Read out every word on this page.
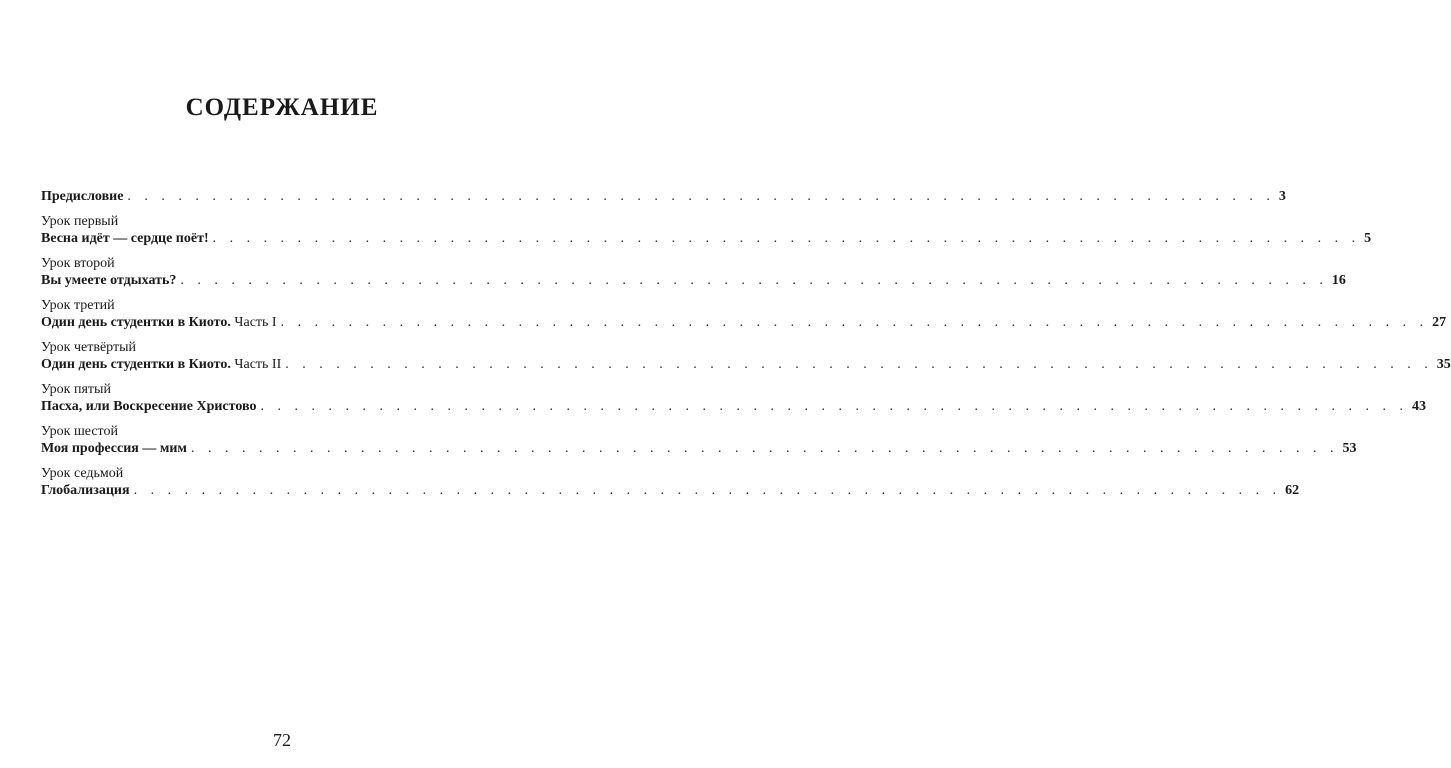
СОДЕРЖАНИЕ
Предисловие . . . . . . . . . . . . . . . . . . . . . . . . . . . . . . . . . . . . . . . . . . . . . . . . . . . . . . . . . . . . . . . . . . . . 3
Урок первый
Весна идёт — сердце поёт! . . . . . . . . . . . . . . . . . . . . . . . . . . . . . . . . . . . . . . . . . . . . . . . . . . . . . . . . . . . . . . . . . . . . 5
Урок второй
Вы умеете отдыхать? . . . . . . . . . . . . . . . . . . . . . . . . . . . . . . . . . . . . . . . . . . . . . . . . . . . . . . . . . . . . . . . . . . . . 16
Урок третий
Один день студентки в Киото. Часть I . . . . . . . . . . . . . . . . . . . . . . . . . . . . . . . . . . . . . . . . . . . . . . . . . . . . . . . . . . . . . . . . . . . . 27
Урок четвёртый
Один день студентки в Киото. Часть II . . . . . . . . . . . . . . . . . . . . . . . . . . . . . . . . . . . . . . . . . . . . . . . . . . . . . . . . . . . . . . . . . . . . 35
Урок пятый
Пасха, или Воскресение Христово . . . . . . . . . . . . . . . . . . . . . . . . . . . . . . . . . . . . . . . . . . . . . . . . . . . . . . . . . . . . . . . . . . . . 43
Урок шестой
Моя профессия — мим . . . . . . . . . . . . . . . . . . . . . . . . . . . . . . . . . . . . . . . . . . . . . . . . . . . . . . . . . . . . . . . . . . . . 53
Урок седьмой
Глобализация . . . . . . . . . . . . . . . . . . . . . . . . . . . . . . . . . . . . . . . . . . . . . . . . . . . . . . . . . . . . . . . . . . . . 62
72
